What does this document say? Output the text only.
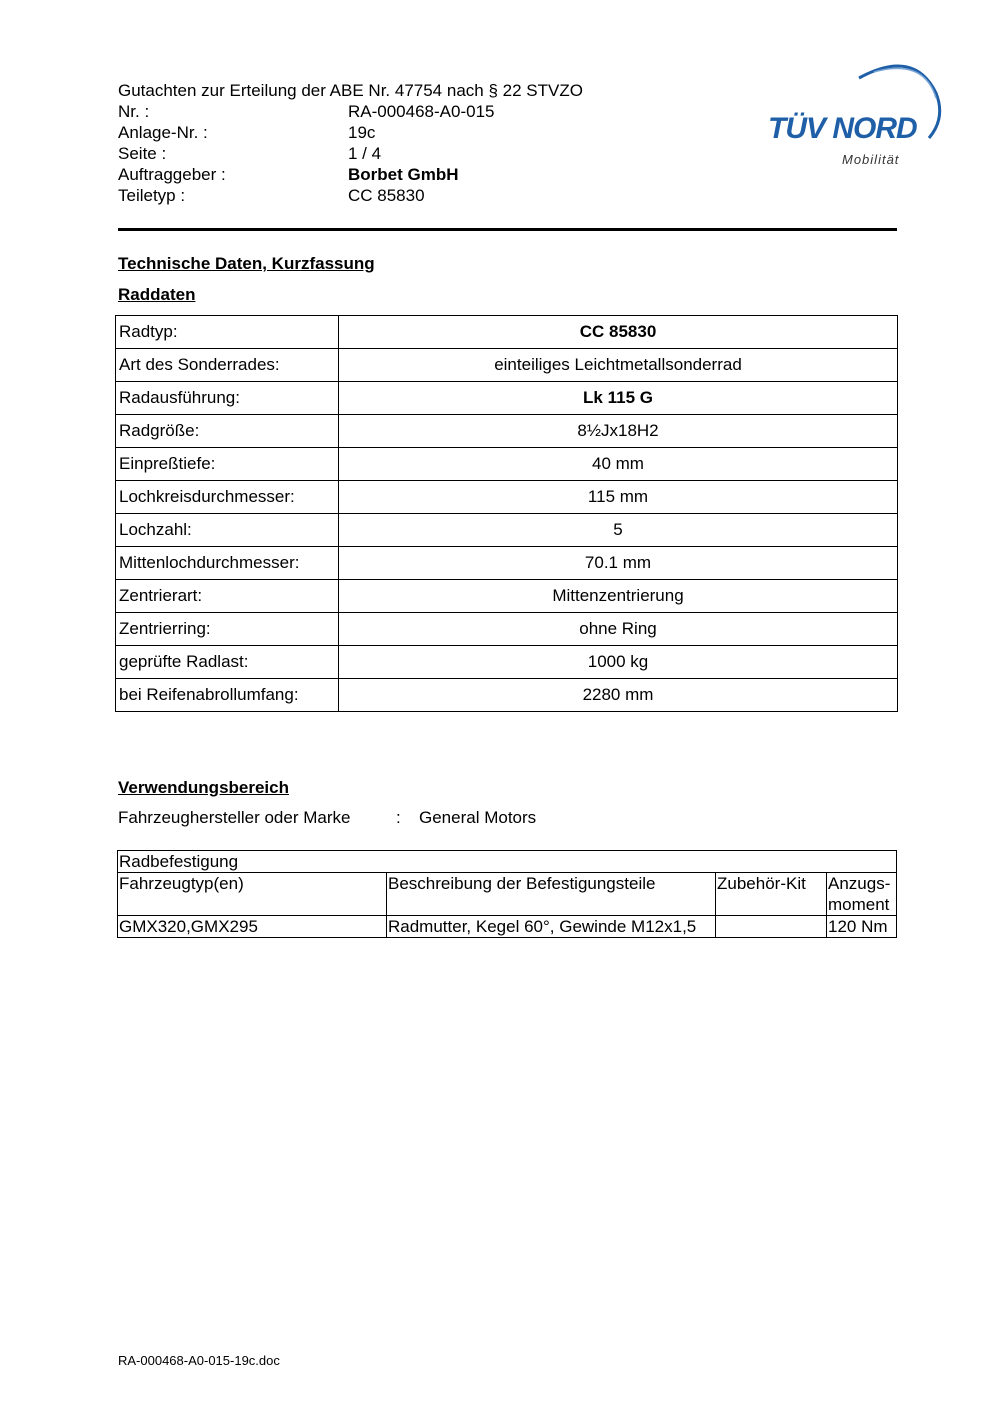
Gutachten zur Erteilung der ABE Nr. 47754 nach § 22 STVZO
Nr. :	RA-000468-A0-015
Anlage-Nr. :	19c
Seite :	1 / 4
Auftraggeber :	Borbet GmbH
Teiletyp :	CC 85830
TÜV NORD
Mobilität
Technische Daten, Kurzfassung
Raddaten
Radtyp:	CC 85830
Art des Sonderrades:	einteiliges Leichtmetallsonderrad
Radausführung:	Lk 115 G
Radgröße:	8½Jx18H2
Einpreßtiefe:	40 mm
Lochkreisdurchmesser:	115 mm
Lochzahl:	5
Mittenlochdurchmesser:	70.1 mm
Zentrierart:	Mittenzentrierung
Zentrierring:	ohne Ring
geprüfte Radlast:	1000 kg
bei Reifenabrollumfang:	2280 mm
Verwendungsbereich
Fahrzeughersteller oder Marke	:	General Motors
Radbefestigung			
Fahrzeugtyp(en)	Beschreibung der Befestigungsteile	Zubehör-Kit	Anzugs-
moment
GMX320,GMX295	Radmutter, Kegel 60°, Gewinde M12x1,5		120 Nm
RA-000468-A0-015-19c.doc
